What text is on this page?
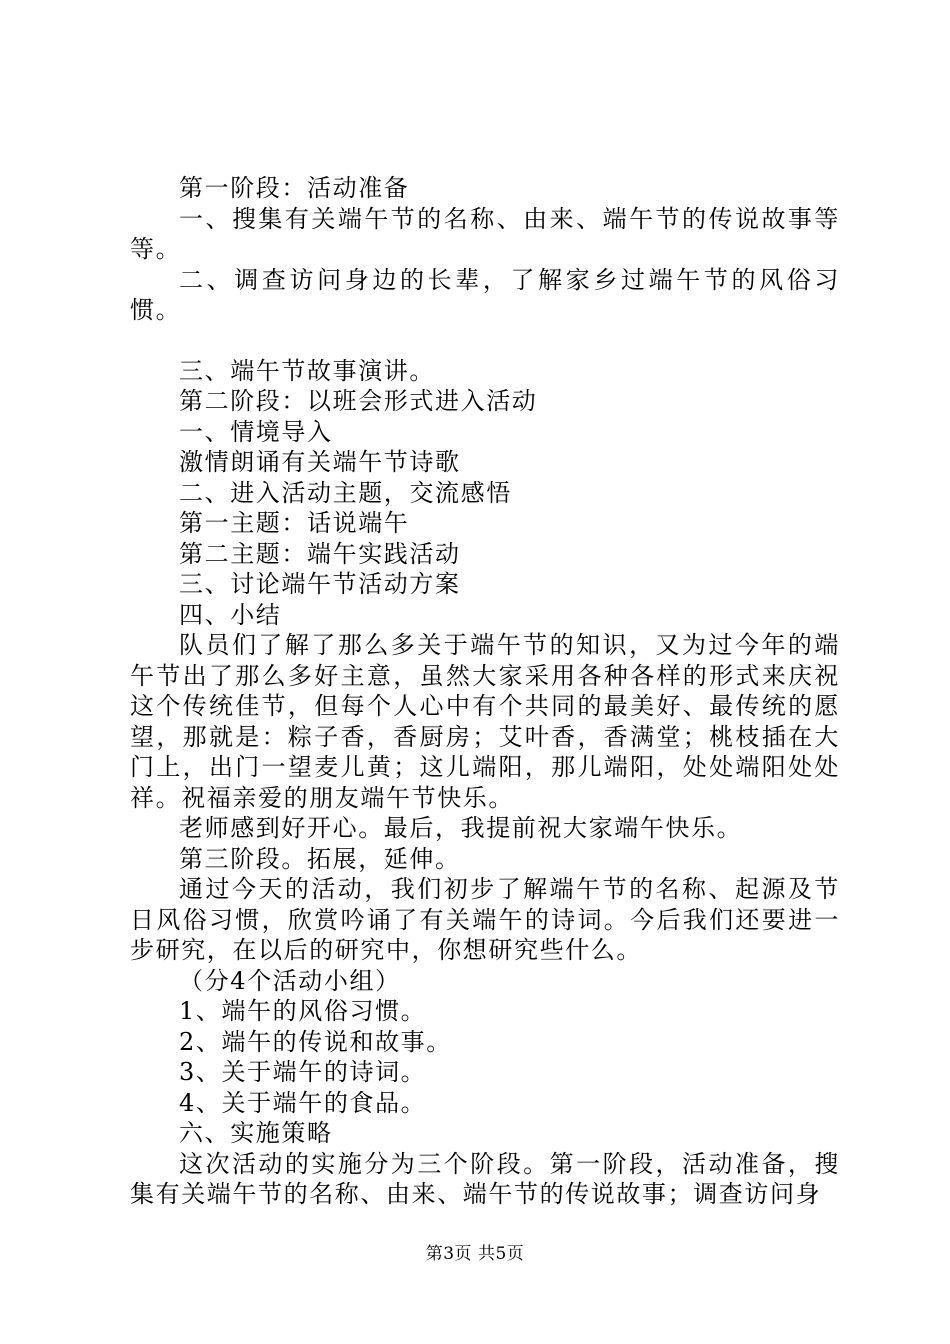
第一阶段：活动准备

一、搜集有关端午节的名称、由来、端午节的传说故事等等。

二、调查访问身边的长辈，了解家乡过端午节的风俗习惯。

三、端午节故事演讲。

第二阶段：以班会形式进入活动

一、情境导入

激情朗诵有关端午节诗歌

二、进入活动主题，交流感悟

第一主题：话说端午

第二主题：端午实践活动

三、讨论端午节活动方案

四、小结

队员们了解了那么多关于端午节的知识，又为过今年的端午节出了那么多好主意，虽然大家采用各种各样的形式来庆祝这个传统佳节，但每个人心中有个共同的最美好、最传统的愿望，那就是：粽子香，香厨房；艾叶香，香满堂；桃枝插在大门上，出门一望麦儿黄；这儿端阳，那儿端阳，处处端阳处处祥。祝福亲爱的朋友端午节快乐。

老师感到好开心。最后，我提前祝大家端午快乐。

第三阶段。拓展，延伸。

通过今天的活动，我们初步了解端午节的名称、起源及节日风俗习惯，欣赏吟诵了有关端午的诗词。今后我们还要进一步研究，在以后的研究中，你想研究些什么。

（分4个活动小组）

1、端午的风俗习惯。

2、端午的传说和故事。

3、关于端午的诗词。

4、关于端午的食品。

六、实施策略

这次活动的实施分为三个阶段。第一阶段，活动准备，搜集有关端午节的名称、由来、端午节的传说故事；调查访问身

第3页 共5页
